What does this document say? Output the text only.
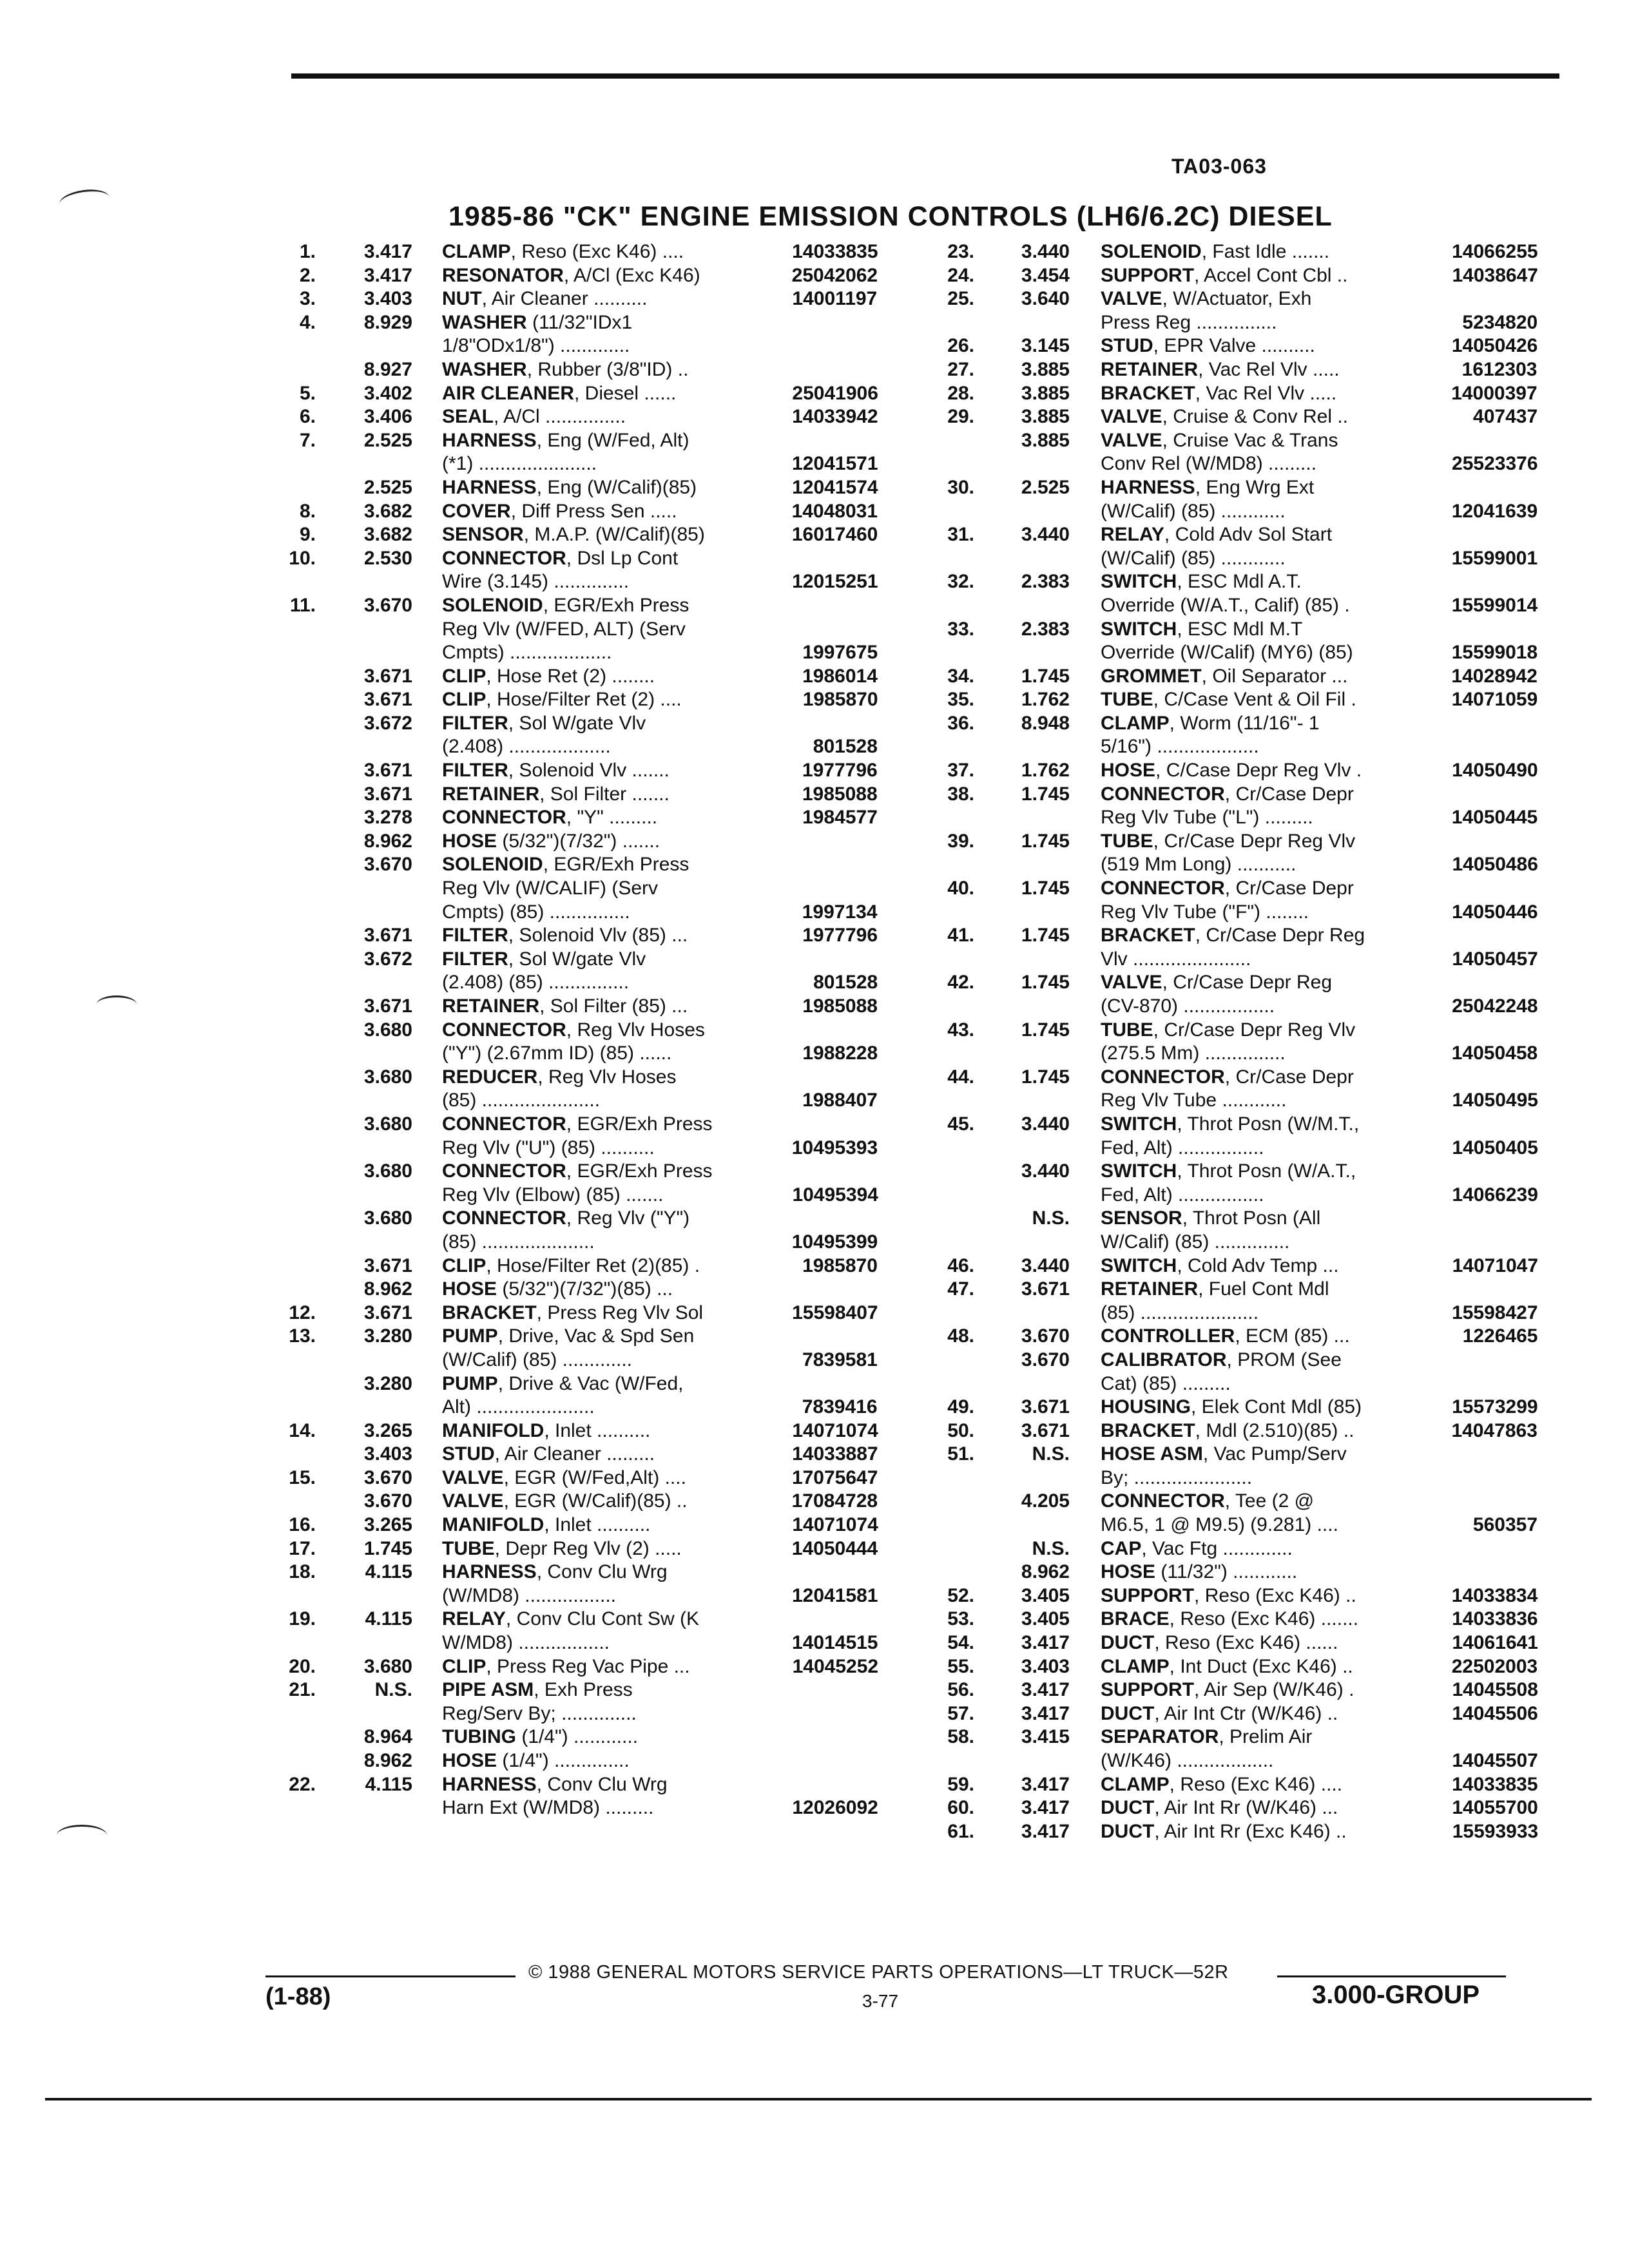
TA03-063
1985-86 "CK" ENGINE EMISSION CONTROLS (LH6/6.2C) DIESEL
1.	3.417 CLAMP, Reso (Exc K46) ....	14033835
2.	3.417 RESONATOR, A/Cl (Exc K46)	25042062
3.	3.403 NUT, Air Cleaner ..........	14001197
4.	8.929 WASHER (11/32"IDx1
1/8"ODx1/8") .............
8.927 WASHER, Rubber (3/8"ID) ..
5.	3.402 AIR CLEANER, Diesel ......	25041906
6.	3.406 SEAL, A/Cl ...............	14033942
7.	2.525 HARNESS, Eng (W/Fed, Alt)
(*1) ......................	12041571
2.525 HARNESS, Eng (W/Calif)(85)	12041574
8.	3.682 COVER, Diff Press Sen .....	14048031
9.	3.682 SENSOR, M.A.P. (W/Calif)(85)	16017460
10.	2.530 CONNECTOR, Dsl Lp Cont
Wire (3.145) ..............	12015251
11.	3.670 SOLENOID, EGR/Exh Press
Reg Vlv (W/FED, ALT) (Serv
Cmpts) ...................	1997675
3.671 CLIP, Hose Ret (2) ........	1986014
3.671 CLIP, Hose/Filter Ret (2) ....	1985870
3.672 FILTER, Sol W/gate Vlv
(2.408) ...................	801528
3.671 FILTER, Solenoid Vlv .......	1977796
3.671 RETAINER, Sol Filter .......	1985088
3.278 CONNECTOR, "Y" .........	1984577
8.962 HOSE (5/32")(7/32") .......
3.670 SOLENOID, EGR/Exh Press
Reg Vlv (W/CALIF) (Serv
Cmpts) (85) ...............	1997134
3.671 FILTER, Solenoid Vlv (85) ...	1977796
3.672 FILTER, Sol W/gate Vlv
(2.408) (85) ...............	801528
3.671 RETAINER, Sol Filter (85) ...	1985088
3.680 CONNECTOR, Reg Vlv Hoses
("Y") (2.67mm ID) (85) ......	1988228
3.680 REDUCER, Reg Vlv Hoses
(85) ......................	1988407
3.680 CONNECTOR, EGR/Exh Press
Reg Vlv ("U") (85) ..........	10495393
3.680 CONNECTOR, EGR/Exh Press
Reg Vlv (Elbow) (85) .......	10495394
3.680 CONNECTOR, Reg Vlv ("Y")
(85) .....................	10495399
3.671 CLIP, Hose/Filter Ret (2)(85) .	1985870
8.962 HOSE (5/32")(7/32")(85) ...
12.	3.671 BRACKET, Press Reg Vlv Sol	15598407
13.	3.280 PUMP, Drive, Vac & Spd Sen
(W/Calif) (85) .............	7839581
3.280 PUMP, Drive & Vac (W/Fed,
Alt) ......................	7839416
14.	3.265 MANIFOLD, Inlet ..........	14071074
3.403 STUD, Air Cleaner .........	14033887
15.	3.670 VALVE, EGR (W/Fed,Alt) ....	17075647
3.670 VALVE, EGR (W/Calif)(85) ..	17084728
16.	3.265 MANIFOLD, Inlet ..........	14071074
17.	1.745 TUBE, Depr Reg Vlv (2) .....	14050444
18.	4.115 HARNESS, Conv Clu Wrg
(W/MD8) .................	12041581
19.	4.115 RELAY, Conv Clu Cont Sw (K
W/MD8) .................	14014515
20.	3.680 CLIP, Press Reg Vac Pipe ...	14045252
21.	N.S. PIPE ASM, Exh Press
Reg/Serv By; ..............
8.964 TUBING (1/4") ............
8.962 HOSE (1/4") ..............
22.	4.115 HARNESS, Conv Clu Wrg
Harn Ext (W/MD8) .........	12026092
23.	3.440 SOLENOID, Fast Idle .......	14066255
24.	3.454 SUPPORT, Accel Cont Cbl ..	14038647
25.	3.640 VALVE, W/Actuator, Exh
Press Reg ...............	5234820
26.	3.145 STUD, EPR Valve ..........	14050426
27.	3.885 RETAINER, Vac Rel Vlv .....	1612303
28.	3.885 BRACKET, Vac Rel Vlv .....	14000397
29.	3.885 VALVE, Cruise & Conv Rel ..	407437
3.885 VALVE, Cruise Vac & Trans
Conv Rel (W/MD8) .........	25523376
30.	2.525 HARNESS, Eng Wrg Ext
(W/Calif) (85) ............	12041639
31.	3.440 RELAY, Cold Adv Sol Start
(W/Calif) (85) ............	15599001
32.	2.383 SWITCH, ESC Mdl A.T.
Override (W/A.T., Calif) (85) .	15599014
33.	2.383 SWITCH, ESC Mdl M.T
Override (W/Calif) (MY6) (85)	15599018
34.	1.745 GROMMET, Oil Separator ...	14028942
35.	1.762 TUBE, C/Case Vent & Oil Fil .	14071059
36.	8.948 CLAMP, Worm (11/16"- 1
5/16") ...................
37.	1.762 HOSE, C/Case Depr Reg Vlv .	14050490
38.	1.745 CONNECTOR, Cr/Case Depr
Reg Vlv Tube ("L") .........	14050445
39.	1.745 TUBE, Cr/Case Depr Reg Vlv
(519 Mm Long) ...........	14050486
40.	1.745 CONNECTOR, Cr/Case Depr
Reg Vlv Tube ("F") ........	14050446
41.	1.745 BRACKET, Cr/Case Depr Reg
Vlv ......................	14050457
42.	1.745 VALVE, Cr/Case Depr Reg
(CV-870) .................	25042248
43.	1.745 TUBE, Cr/Case Depr Reg Vlv
(275.5 Mm) ...............	14050458
44.	1.745 CONNECTOR, Cr/Case Depr
Reg Vlv Tube ............	14050495
45.	3.440 SWITCH, Throt Posn (W/M.T.,
Fed, Alt) ................	14050405
3.440 SWITCH, Throt Posn (W/A.T.,
Fed, Alt) ................	14066239
N.S. SENSOR, Throt Posn (All
W/Calif) (85) ..............
46.	3.440 SWITCH, Cold Adv Temp ...	14071047
47.	3.671 RETAINER, Fuel Cont Mdl
(85) ......................	15598427
48.	3.670 CONTROLLER, ECM (85) ...	1226465
3.670 CALIBRATOR, PROM (See
Cat) (85) .........
49.	3.671 HOUSING, Elek Cont Mdl (85)	15573299
50.	3.671 BRACKET, Mdl (2.510)(85) ..	14047863
51.	N.S. HOSE ASM, Vac Pump/Serv
By; ......................
4.205 CONNECTOR, Tee (2 @
M6.5, 1 @ M9.5) (9.281) ....	560357
N.S. CAP, Vac Ftg .............
8.962 HOSE (11/32") ............
52.	3.405 SUPPORT, Reso (Exc K46) ..	14033834
53.	3.405 BRACE, Reso (Exc K46) .......	14033836
54.	3.417 DUCT, Reso (Exc K46) ......	14061641
55.	3.403 CLAMP, Int Duct (Exc K46) ..	22502003
56.	3.417 SUPPORT, Air Sep (W/K46) .	14045508
57.	3.417 DUCT, Air Int Ctr (W/K46) ..	14045506
58.	3.415 SEPARATOR, Prelim Air
(W/K46) ..................	14045507
59.	3.417 CLAMP, Reso (Exc K46) ....	14033835
60.	3.417 DUCT, Air Int Rr (W/K46) ...	14055700
61.	3.417 DUCT, Air Int Rr (Exc K46) ..	15593933
© 1988 GENERAL MOTORS SERVICE PARTS OPERATIONS—LT TRUCK—52R
(1-88)	3-77	3.000-GROUP
